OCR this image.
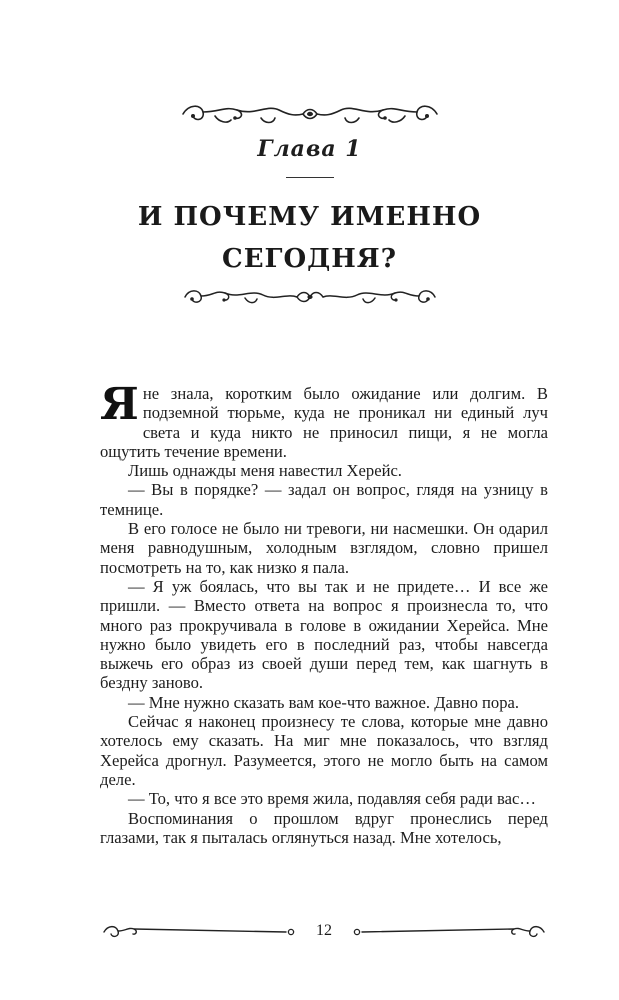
Глава 1
И ПОЧЕМУ ИМЕННО
СЕГОДНЯ?

Яне знала, коротким было ожидание или долгим. В подземной тюрьме, куда не проникал ни единый луч света и куда никто не приносил пищи, я не могла ощутить течение времени.

Лишь однажды меня навестил Херейс.

— Вы в порядке? — задал он вопрос, глядя на узницу в темнице.

В его голосе не было ни тревоги, ни насмешки. Он одарил меня равнодушным, холодным взглядом, словно пришел посмотреть на то, как низко я пала.

— Я уж боялась, что вы так и не придете… И все же пришли. — Вместо ответа на вопрос я произнесла то, что много раз прокручивала в голове в ожидании Херейса. Мне нужно было увидеть его в последний раз, чтобы навсегда выжечь его образ из своей души перед тем, как шагнуть в бездну заново.

— Мне нужно сказать вам кое-что важное. Давно пора.

Сейчас я наконец произнесу те слова, которые мне давно хотелось ему сказать. На миг мне показалось, что взгляд Херейса дрогнул. Разумеется, этого не могло быть на самом деле.

— То, что я все это время жила, подавляя себя ради вас…

Воспоминания о прошлом вдруг пронеслись перед глазами, так я пыталась оглянуться назад. Мне хотелось,

12
